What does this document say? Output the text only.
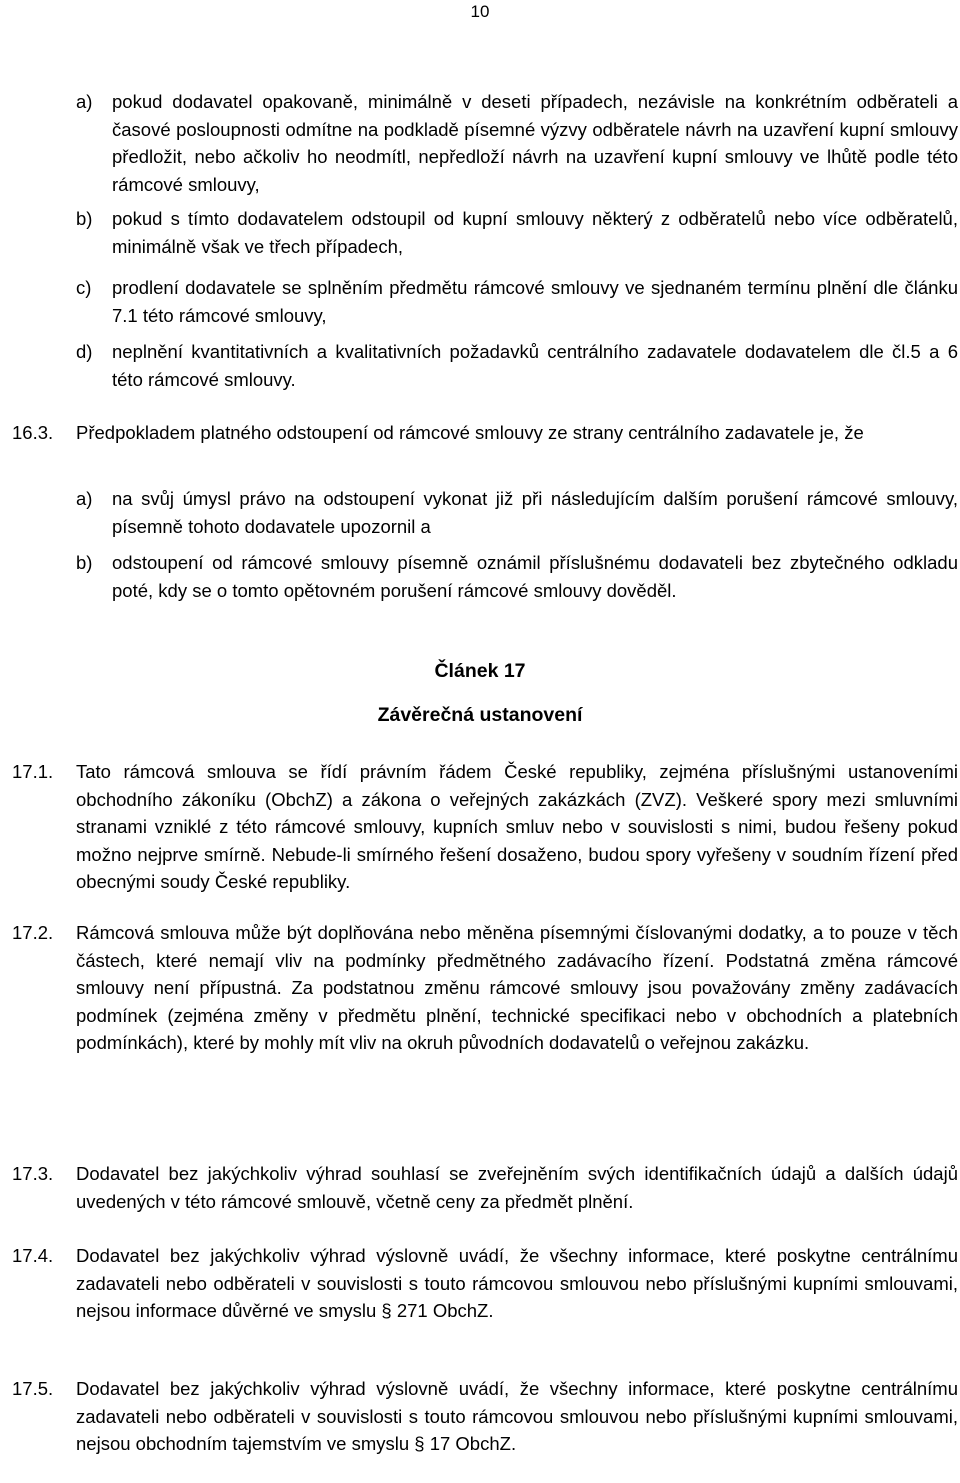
10
a)	pokud dodavatel opakovaně, minimálně v deseti případech, nezávisle na konkrétním odběrateli a časové posloupnosti odmítne na podkladě písemné výzvy odběratele návrh na uzavření kupní smlouvy předložit, nebo ačkoliv ho neodmítl, nepředloží návrh na uzavření kupní smlouvy ve lhůtě podle této rámcové smlouvy,
b)	pokud s tímto dodavatelem odstoupil od kupní smlouvy některý z odběratelů nebo více odběratelů, minimálně však ve třech případech,
c)	prodlení dodavatele se splněním předmětu rámcové smlouvy ve sjednaném termínu plnění dle článku 7.1 této rámcové smlouvy,
d)	neplnění kvantitativních a kvalitativních požadavků centrálního zadavatele dodavatelem dle čl.5 a 6 této rámcové smlouvy.
16.3.	Předpokladem platného odstoupení od rámcové smlouvy ze strany centrálního zadavatele je, že
a)	na svůj úmysl právo na odstoupení vykonat již při následujícím dalším porušení rámcové smlouvy, písemně tohoto dodavatele upozornil a
b)	odstoupení od rámcové smlouvy písemně oznámil příslušnému dodavateli bez zbytečného odkladu poté, kdy se o tomto opětovném porušení rámcové smlouvy dověděl.
Článek 17
Závěrečná ustanovení
17.1.	Tato rámcová smlouva se řídí právním řádem České republiky, zejména příslušnými ustanoveními obchodního zákoníku (ObchZ) a zákona o veřejných zakázkách (ZVZ). Veškeré spory mezi smluvními stranami vzniklé z této rámcové smlouvy, kupních smluv nebo v souvislosti s nimi, budou řešeny pokud možno nejprve smírně. Nebude-li smírného řešení dosaženo, budou spory vyřešeny v soudním řízení před obecnými soudy České republiky.
17.2.	Rámcová smlouva může být doplňována nebo měněna písemnými číslovanými dodatky, a to pouze v těch částech, které nemají vliv na podmínky předmětného zadávacího řízení. Podstatná změna rámcové smlouvy není přípustná. Za podstatnou změnu rámcové smlouvy jsou považovány změny zadávacích podmínek (zejména změny v předmětu plnění, technické specifikaci nebo v obchodních a platebních podmínkách), které by mohly mít vliv na okruh původních dodavatelů o veřejnou zakázku.
17.3.	Dodavatel bez jakýchkoliv výhrad souhlasí se zveřejněním svých identifikačních údajů a dalších údajů uvedených v této rámcové smlouvě, včetně ceny za předmět plnění.
17.4.	Dodavatel bez jakýchkoliv výhrad výslovně uvádí, že všechny informace, které poskytne centrálnímu zadavateli nebo odběrateli v souvislosti s touto rámcovou smlouvou nebo příslušnými kupními smlouvami, nejsou informace důvěrné ve smyslu § 271 ObchZ.
17.5.	Dodavatel bez jakýchkoliv výhrad výslovně uvádí, že všechny informace, které poskytne centrálnímu zadavateli nebo odběrateli v souvislosti s touto rámcovou smlouvou nebo příslušnými kupními smlouvami, nejsou obchodním tajemstvím ve smyslu § 17 ObchZ.
